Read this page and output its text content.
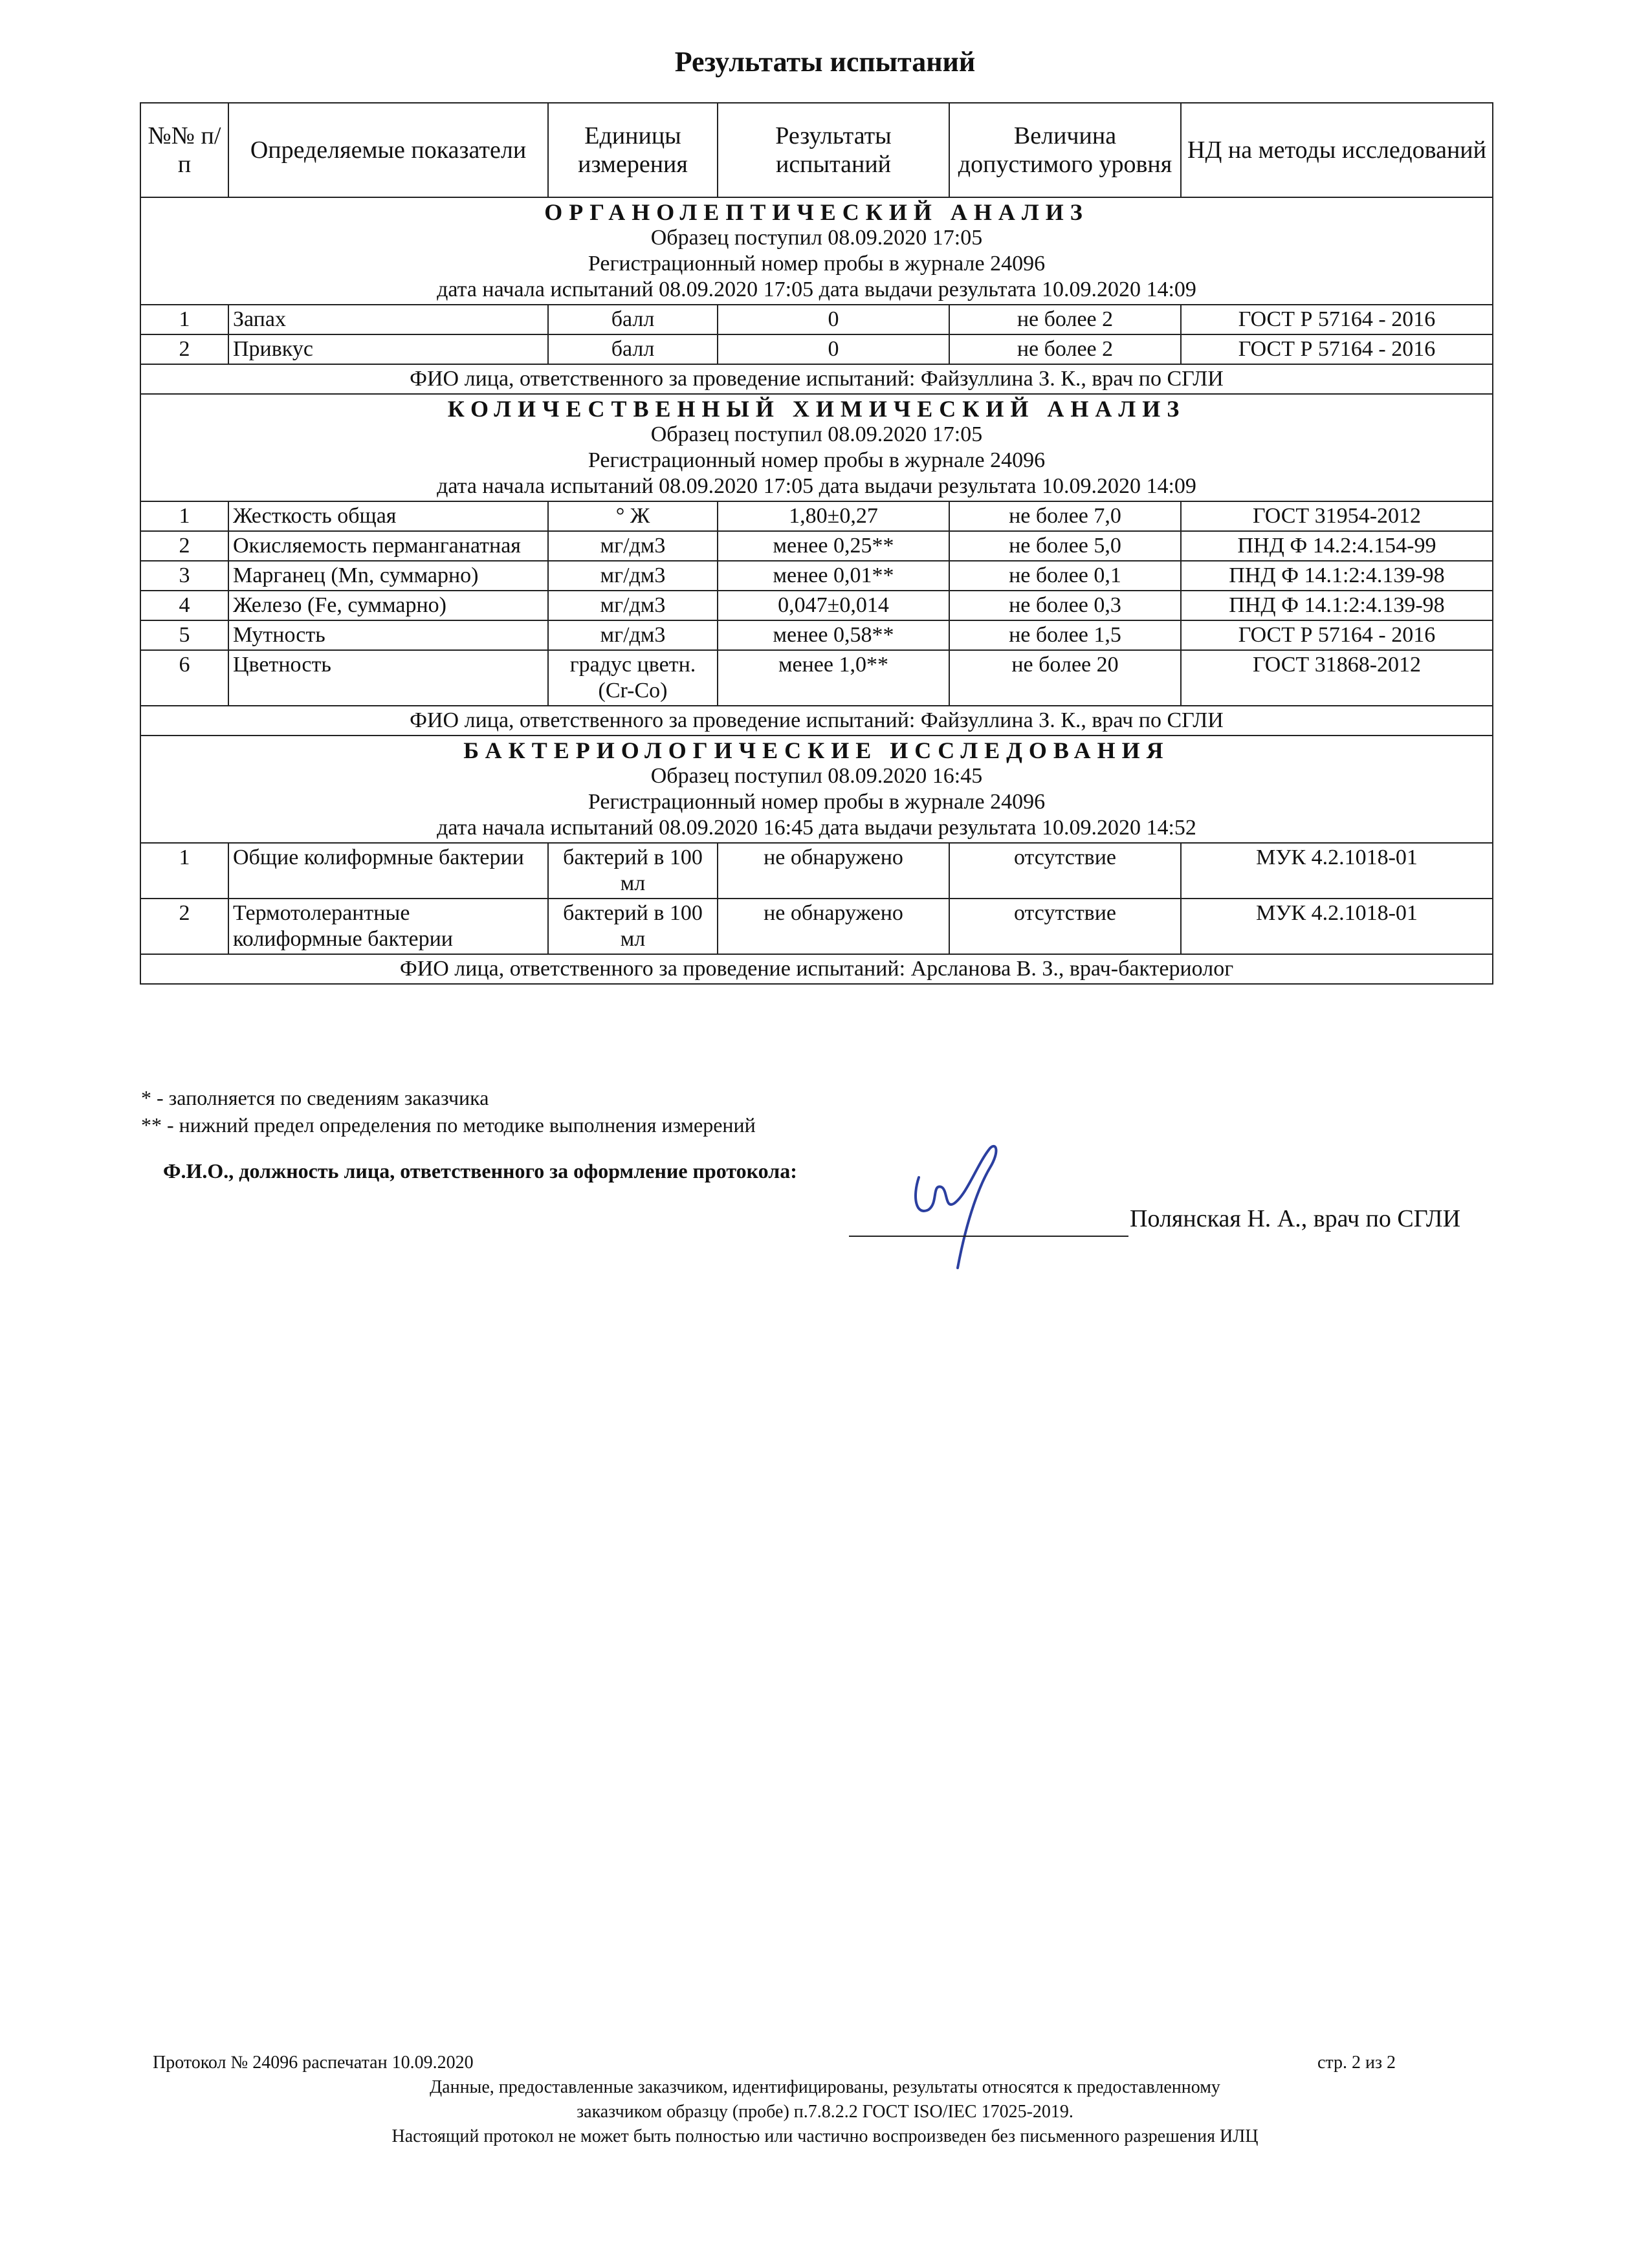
Результаты испытаний
№№ п/п	Определяемые показатели	Единицы измерения	Результаты испытаний	Величина допустимого уровня	НД на методы исследований

ОРГАНОЛЕПТИЧЕСКИЙ АНАЛИЗ
Образец поступил 08.09.2020 17:05
Регистрационный номер пробы в журнале 24096
дата начала испытаний 08.09.2020 17:05 дата выдачи результата 10.09.2020 14:09					

1	Запах	балл	0	не более 2	ГОСТ Р 57164 - 2016
2	Привкус	балл	0	не более 2	ГОСТ Р 57164 - 2016
ФИО лица, ответственного за проведение испытаний: Файзуллина З. К., врач по СГЛИ					

КОЛИЧЕСТВЕННЫЙ ХИМИЧЕСКИЙ АНАЛИЗ
Образец поступил 08.09.2020 17:05
Регистрационный номер пробы в журнале 24096
дата начала испытаний 08.09.2020 17:05 дата выдачи результата 10.09.2020 14:09					

1	Жесткость общая	° Ж	1,80±0,27	не более 7,0	ГОСТ 31954-2012
2	Окисляемость перманганатная	мг/дм3	менее 0,25**	не более 5,0	ПНД Ф 14.2:4.154-99
3	Марганец (Mn, суммарно)	мг/дм3	менее 0,01**	не более 0,1	ПНД Ф 14.1:2:4.139-98
4	Железо (Fe, суммарно)	мг/дм3	0,047±0,014	не более 0,3	ПНД Ф 14.1:2:4.139-98
5	Мутность	мг/дм3	менее 0,58**	не более 1,5	ГОСТ Р 57164 - 2016
6	Цветность	градус цветн.(Cr-Co)	менее 1,0**	не более 20	ГОСТ 31868-2012
ФИО лица, ответственного за проведение испытаний: Файзуллина З. К., врач по СГЛИ					

БАКТЕРИОЛОГИЧЕСКИЕ ИССЛЕДОВАНИЯ
Образец поступил 08.09.2020 16:45
Регистрационный номер пробы в журнале 24096
дата начала испытаний 08.09.2020 16:45 дата выдачи результата 10.09.2020 14:52					

1	Общие колиформные бактерии	бактерий в 100 мл	не обнаружено	отсутствие	МУК 4.2.1018-01
2	Термотолерантные колиформные бактерии	бактерий в 100 мл	не обнаружено	отсутствие	МУК 4.2.1018-01
ФИО лица, ответственного за проведение испытаний: Арсланова В. З., врач-бактериолог					
* - заполняется по сведениям заказчика
** - нижний предел определения по методике выполнения измерений
Ф.И.О., должность лица, ответственного за оформление протокола:
Полянская Н. А., врач по СГЛИ
Протокол № 24096 распечатан 10.09.2020	стр. 2 из 2
Данные, предоставленные заказчиком, идентифицированы, результаты относятся к предоставленному
заказчиком образцу (пробе) п.7.8.2.2 ГОСТ ISO/IEC 17025-2019.
Настоящий протокол не может быть полностью или частично воспроизведен без письменного разрешения ИЛЦ
